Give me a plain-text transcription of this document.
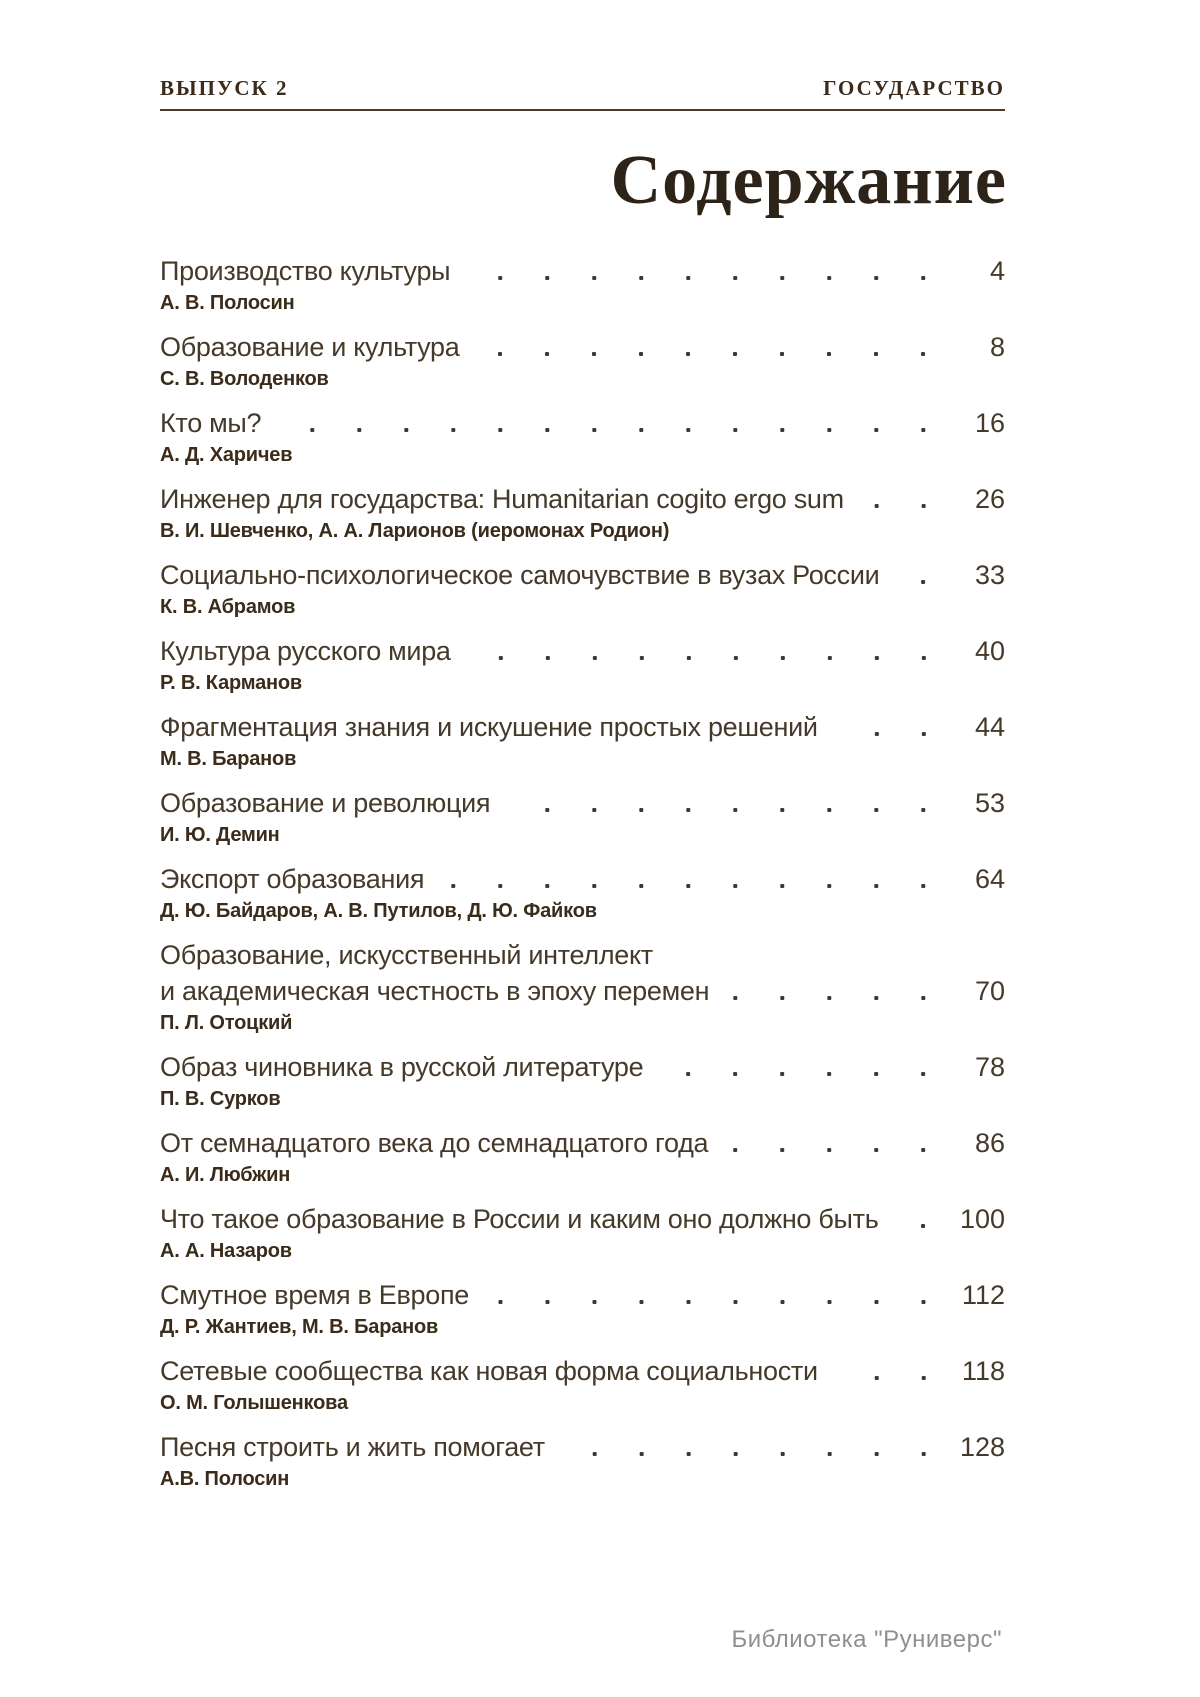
ВЫПУСК 2	ГОСУДАРСТВО
Содержание
Производство культуры	4
А. В. Полосин
Образование и культура	8
С. В. Володенков
Кто мы?	16
А. Д. Харичев
Инженер для государства: Humanitarian cogito ergo sum	26
В. И. Шевченко, А. А. Ларионов (иеромонах Родион)
Социально-психологическое самочувствие в вузах России	33
К. В. Абрамов
Культура русского мира	40
Р. В. Карманов
Фрагментация знания и искушение простых решений	44
М. В. Баранов
Образование и революция	53
И. Ю. Демин
Экспорт образования	64
Д. Ю. Байдаров, А. В. Путилов, Д. Ю. Файков
Образование, искусственный интеллект
и академическая честность в эпоху перемен	70
П. Л. Отоцкий
Образ чиновника в русской литературе	78
П. В. Сурков
От семнадцатого века до семнадцатого года	86
А. И. Любжин
Что такое образование в России и каким оно должно быть	100
А. А. Назаров
Смутное время в Европе	112
Д. Р. Жантиев, М. В. Баранов
Сетевые сообщества как новая форма социальности	118
О. М. Голышенкова
Песня строить и жить помогает	128
А.В. Полосин
Библиотека "Руниверс"
